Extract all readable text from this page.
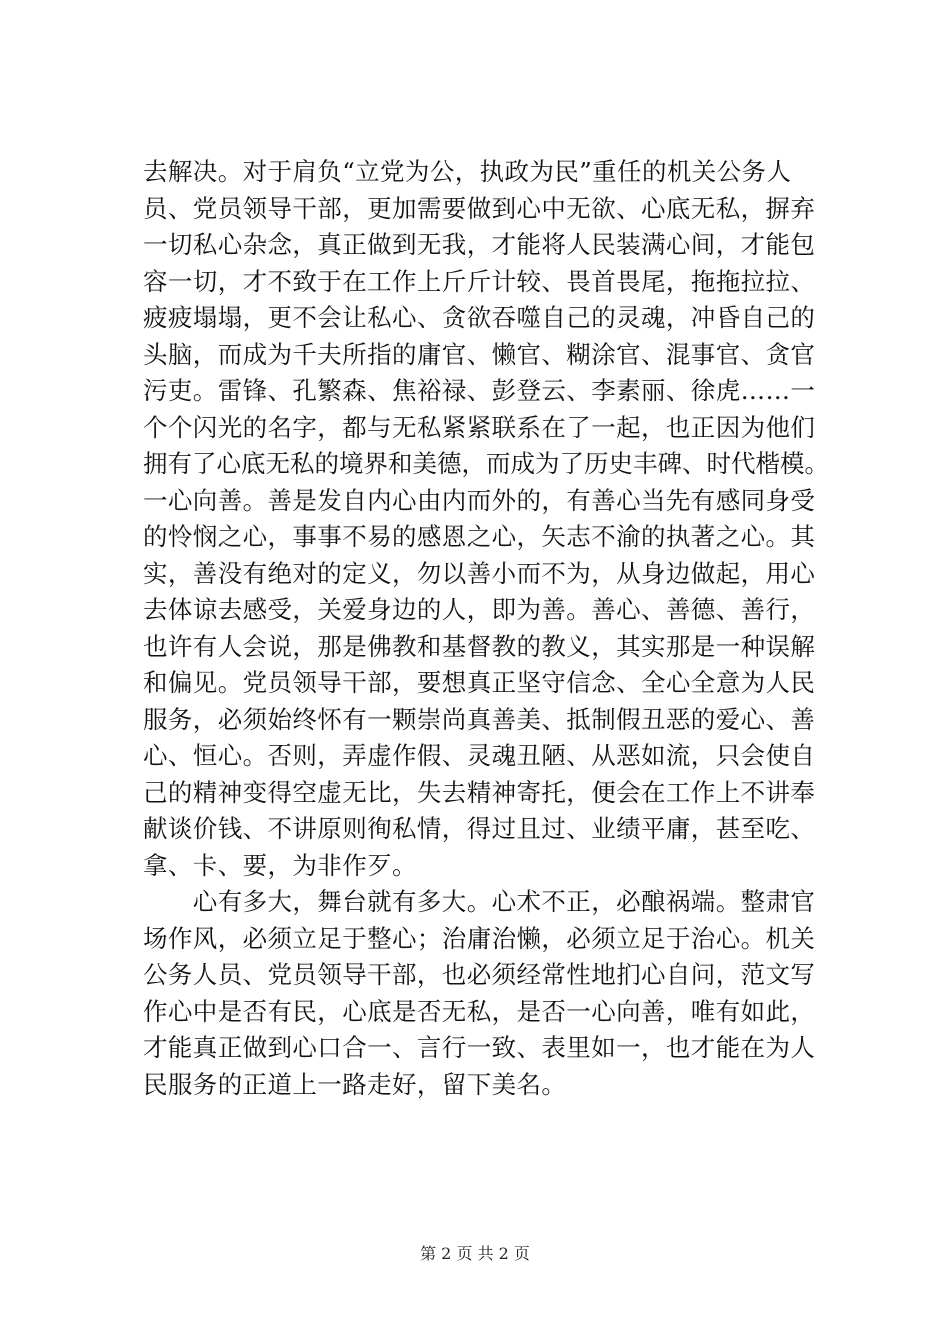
去解决。对于肩负“立党为公，执政为民”重任的机关公务人
员、党员领导干部，更加需要做到心中无欲、心底无私，摒弃
一切私心杂念，真正做到无我，才能将人民装满心间，才能包
容一切，才不致于在工作上斤斤计较、畏首畏尾，拖拖拉拉、
疲疲塌塌，更不会让私心、贪欲吞噬自己的灵魂，冲昏自己的
头脑，而成为千夫所指的庸官、懒官、糊涂官、混事官、贪官
污吏。雷锋、孔繁森、焦裕禄、彭登云、李素丽、徐虎……一
个个闪光的名字，都与无私紧紧联系在了一起，也正因为他们
拥有了心底无私的境界和美德，而成为了历史丰碑、时代楷模。
一心向善。善是发自内心由内而外的，有善心当先有感同身受
的怜悯之心，事事不易的感恩之心，矢志不渝的执著之心。其
实，善没有绝对的定义，勿以善小而不为，从身边做起，用心
去体谅去感受，关爱身边的人，即为善。善心、善德、善行，
也许有人会说，那是佛教和基督教的教义，其实那是一种误解
和偏见。党员领导干部，要想真正坚守信念、全心全意为人民
服务，必须始终怀有一颗崇尚真善美、抵制假丑恶的爱心、善
心、恒心。否则，弄虚作假、灵魂丑陋、从恶如流，只会使自
己的精神变得空虚无比，失去精神寄托，便会在工作上不讲奉
献谈价钱、不讲原则徇私情，得过且过、业绩平庸，甚至吃、
拿、卡、要，为非作歹。
　　心有多大，舞台就有多大。心术不正，必酿祸端。整肃官
场作风，必须立足于整心；治庸治懒，必须立足于治心。机关
公务人员、党员领导干部，也必须经常性地扪心自问，范文写
作心中是否有民，心底是否无私，是否一心向善，唯有如此，
才能真正做到心口合一、言行一致、表里如一，也才能在为人
民服务的正道上一路走好，留下美名。
第 2 页 共 2 页
